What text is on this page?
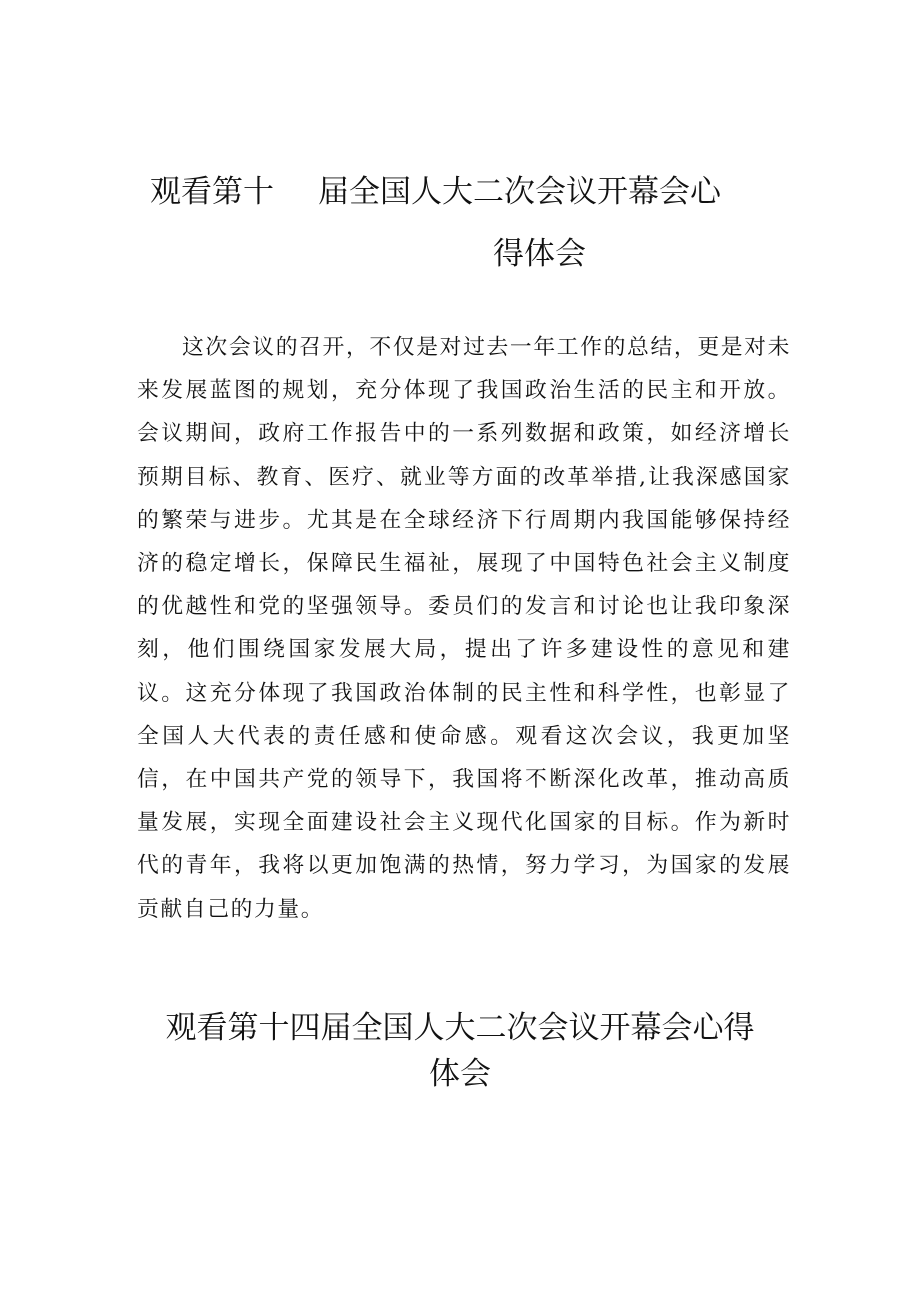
观看第十 届全国人大二次会议开幕会心
得体会

这次会议的召开，不仅是对过去一年工作的总结，更是对未来发展蓝图的规划，充分体现了我国政治生活的民主和开放。会议期间，政府工作报告中的一系列数据和政策，如经济增长预期目标、教育、医疗、就业等方面的改革举措,让我深感国家的繁荣与进步。尤其是在全球经济下行周期内我国能够保持经济的稳定增长，保障民生福祉，展现了中国特色社会主义制度的优越性和党的坚强领导。委员们的发言和讨论也让我印象深刻，他们围绕国家发展大局，提出了许多建设性的意见和建议。这充分体现了我国政治体制的民主性和科学性，也彰显了全国人大代表的责任感和使命感。观看这次会议，我更加坚信，在中国共产党的领导下，我国将不断深化改革，推动高质量发展，实现全面建设社会主义现代化国家的目标。作为新时代的青年，我将以更加饱满的热情，努力学习，为国家的发展贡献自己的力量。

观看第十四届全国人大二次会议开幕会心得体会
